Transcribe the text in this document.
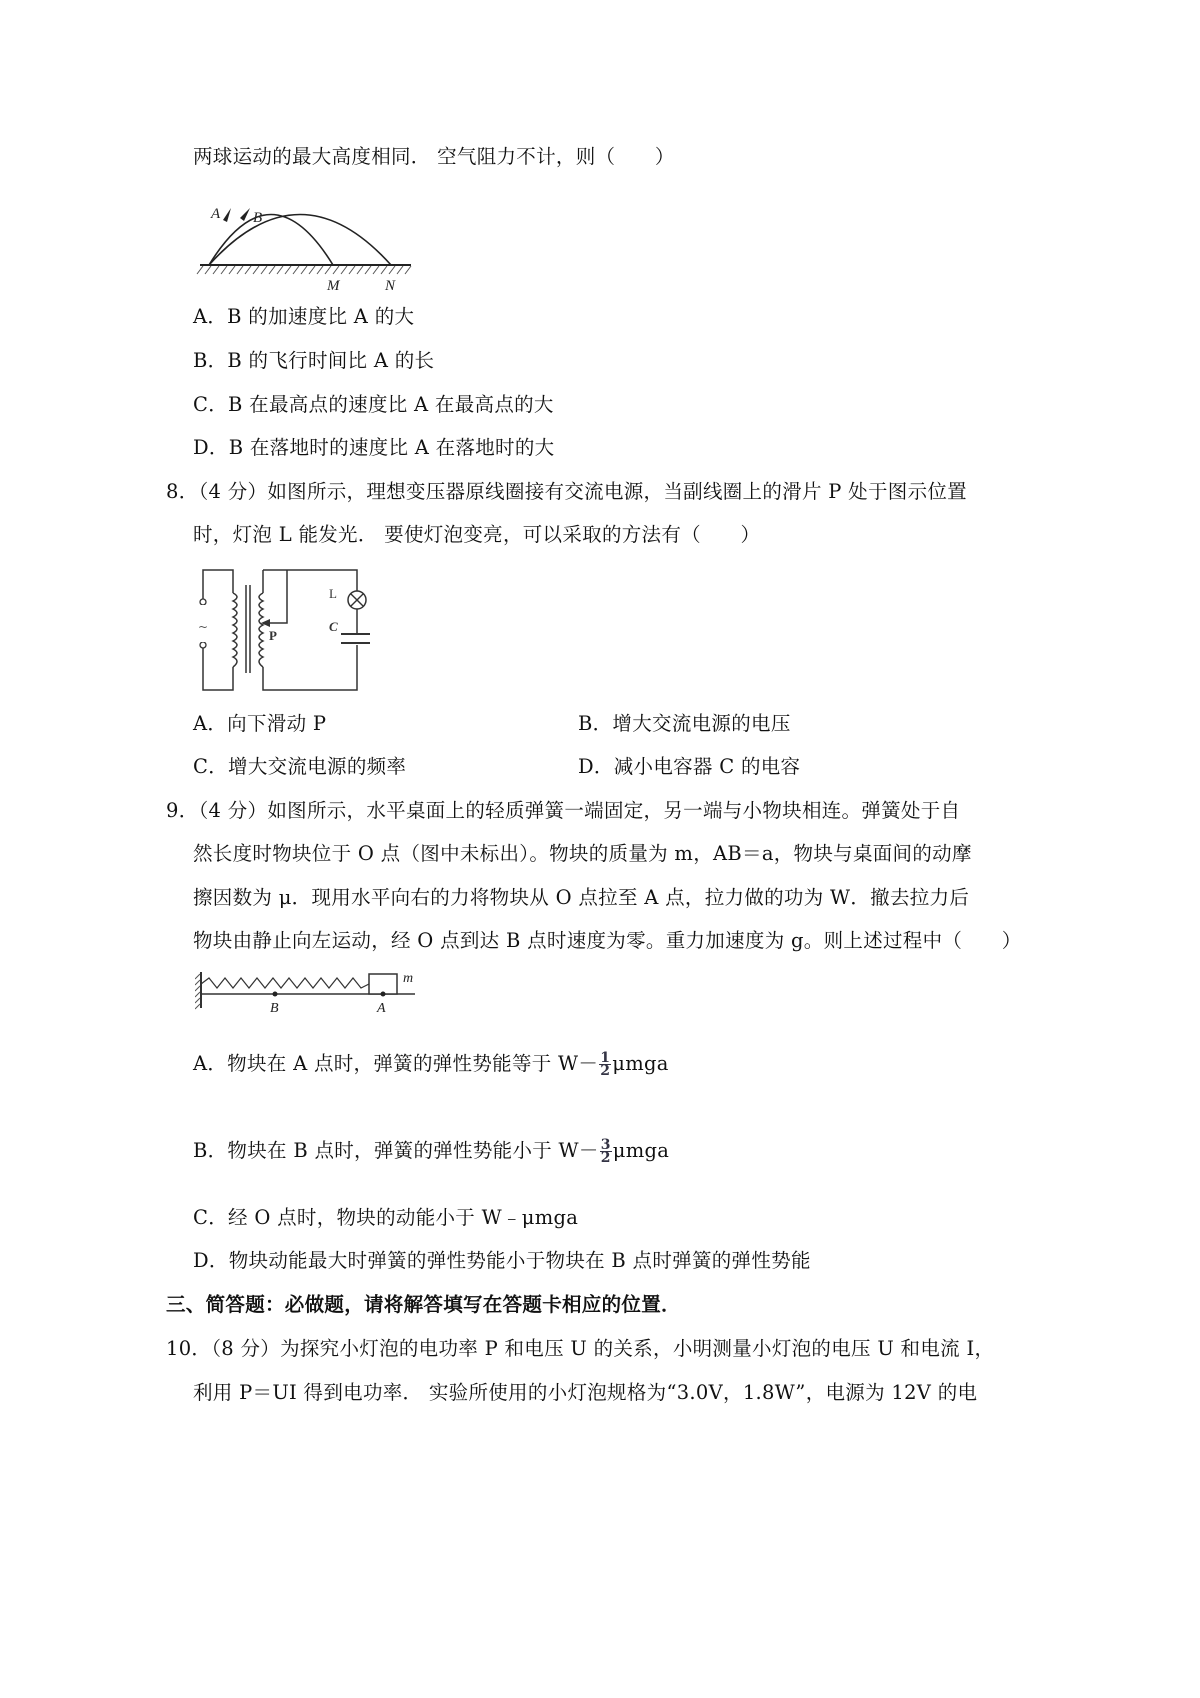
两球运动的最大高度相同． 空气阻力不计，则（　　）
A B
M	N
A．B 的加速度比 A 的大
B．B 的飞行时间比 A 的长
C．B 在最高点的速度比 A 在最高点的大
D．B 在落地时的速度比 A 在落地时的大
8．（4 分）如图所示，理想变压器原线圈接有交流电源，当副线圈上的滑片 P 处于图示位置
时，灯泡 L 能发光． 要使灯泡变亮，可以采取的方法有（　　）
~
P
L
C
A．向下滑动 P	B．增大交流电源的电压
C．增大交流电源的频率	D．减小电容器 C 的电容
9．（4 分）如图所示，水平桌面上的轻质弹簧一端固定，另一端与小物块相连。弹簧处于自
然长度时物块位于 O 点（图中未标出）。物块的质量为 m，AB＝a，物块与桌面间的动摩
擦因数为 μ．现用水平向右的力将物块从 O 点拉至 A 点，拉力做的功为 W．撤去拉力后
物块由静止向左运动，经 O 点到达 B 点时速度为零。重力加速度为 g。则上述过程中（　　）
m
B	A
A．物块在 A 点时，弹簧的弹性势能等于 $W- \frac{1}{2}$ μmga
B．物块在 B 点时，弹簧的弹性势能小于 $W- \frac{3}{2}$ μmga
C．经 O 点时，物块的动能小于 W﹣μmga
D．物块动能最大时弹簧的弹性势能小于物块在 B 点时弹簧的弹性势能
三、简答题：必做题，请将解答填写在答题卡相应的位置．
10．（8 分）为探究小灯泡的电功率 P 和电压 U 的关系，小明测量小灯泡的电压 U 和电流 I，
利用 P＝UI 得到电功率． 实验所使用的小灯泡规格为“3.0V，1.8W”，电源为 12V 的电
